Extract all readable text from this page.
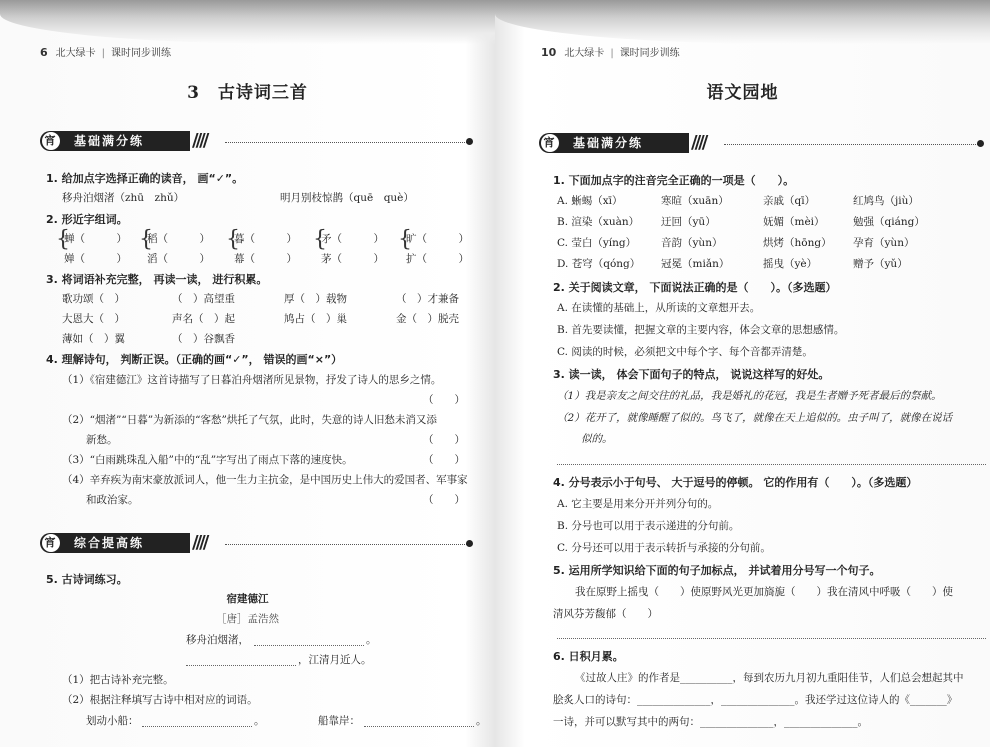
6 北大绿卡 | 课时同步训练
3　古诗词三首
宵 基础满分练	////
1. 给加点字选择正确的读音， 画“✓”。
移舟泊烟渚（zhū　zhǔ）	明月别枝惊鹊（quē　què）
2. 形近字组词。
{	{	{	{	{
蝉（　　　） 稻（　　　） 暮（　　　） 矛（　　　） 旷（　　　）
婵（　　　） 滔（　　　） 幕（　　　） 茅（　　　） 扩（　　　）
3. 将词语补充完整， 再读一读， 进行积累。
歌功颂（　）	（　）高望重	厚（　）载物	（　）才兼备
大恩大（　）	声名（　）起	鸠占（　）巢	金（　）脱壳
薄如（　）翼	（　）谷飘香
4. 理解诗句， 判断正误。（正确的画“✓”， 错误的画“×”）
（1）《宿建德江》这首诗描写了日暮泊舟烟渚所见景物，抒发了诗人的思乡之情。
（　　）
（2）“烟渚”“日暮”为新添的“客愁”烘托了气氛，此时，失意的诗人旧愁未消又添
新愁。	（　　）
（3）“白雨跳珠乱入船”中的“乱”字写出了雨点下落的速度快。	（　　）
（4）辛弃疾为南宋豪放派词人，他一生力主抗金，是中国历史上伟大的爱国者、军事家
和政治家。	（　　）
宵 综合提高练	////
5. 古诗词练习。
宿建德江
［唐］孟浩然
移舟泊烟渚，	。
，江清月近人。
（1）把古诗补充完整。
（2）根据注释填写古诗中相对应的词语。
划动小船：	。	船靠岸：	。
10 北大绿卡 | 课时同步训练
语文园地
宵 基础满分练	////
1. 下面加点字的注音完全正确的一项是（　　）。
A. 蜥蜴（xī）	寒暄（xuān）	亲戚（qī）	红鸠鸟（jiù）
B. 渲染（xuàn） 迂回（yū）	妩媚（mèi）	勉强（qiáng）
C. 莹白（yíng） 音韵（yùn）	烘烤（hōng） 孕育（yùn）
D. 苍穹（qóng） 冠冕（miǎn）	摇曳（yè）	赠予（yǔ）
2. 关于阅读文章， 下面说法正确的是（　　）。（多选题）
A. 在读懂的基础上，从所读的文章想开去。
B. 首先要读懂，把握文章的主要内容，体会文章的思想感情。
C. 阅读的时候，必须把文中每个字、每个音都弄清楚。
3. 读一读， 体会下面句子的特点， 说说这样写的好处。
（1）我是亲友之间交往的礼品，我是婚礼的花冠，我是生者赠予死者最后的祭献。
（2）花开了，就像睡醒了似的。鸟飞了，就像在天上追似的。虫子叫了，就像在说话
似的。
4. 分号表示小于句号、 大于逗号的停顿。 它的作用有（　　）。（多选题）
A. 它主要是用来分开并列分句的。
B. 分号也可以用于表示递进的分句前。
C. 分号还可以用于表示转折与承接的分句前。
5. 运用所学知识给下面的句子加标点， 并试着用分号写一个句子。
我在原野上摇曳（　　）使原野风光更加旖旎（　　）我在清风中呼吸（　　）使
清风芬芳馥郁（　　）
6. 日积月累。
《过故人庄》的作者是__________，每到农历九月初九重阳佳节，人们总会想起其中
脍炙人口的诗句：______________，______________。我还学过这位诗人的《_______》
一诗，并可以默写其中的两句：______________，______________。
